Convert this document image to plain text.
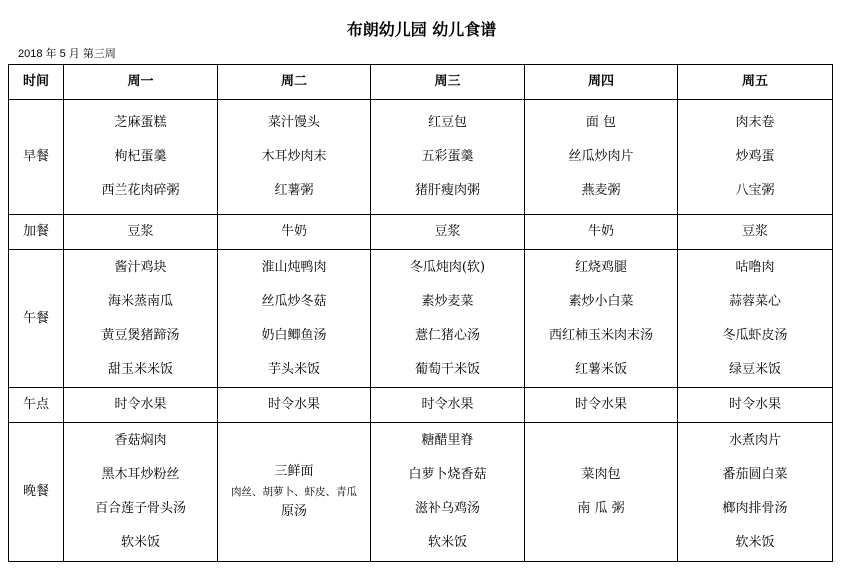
布朗幼儿园 幼儿食谱
2018 年 5 月 第三周
时间	周一	周二	周三	周四	周五
早餐	芝麻蛋糕
枸杞蛋羹
西兰花肉碎粥	菜汁馒头
木耳炒肉末
红薯粥	红豆包
五彩蛋羹
猪肝瘦肉粥	面 包
丝瓜炒肉片
燕麦粥	肉末卷
炒鸡蛋
八宝粥

加餐	豆浆	牛奶	豆浆	牛奶	豆浆
午餐	酱汁鸡块
海米蒸南瓜
黄豆煲猪蹄汤
甜玉米米饭	淮山炖鸭肉
丝瓜炒冬菇
奶白鲫鱼汤
芋头米饭	冬瓜炖肉(软)
素炒麦菜
薏仁猪心汤
葡萄干米饭	红烧鸡腿
素炒小白菜
西红柿玉米肉末汤
红薯米饭	咕噜肉
蒜蓉菜心
冬瓜虾皮汤
绿豆米饭

午点	时令水果	时令水果	时令水果	时令水果	时令水果
晚餐	香菇焖肉
黑木耳炒粉丝
百合莲子骨头汤
软米饭	三鲜面
肉丝、胡萝卜、虾皮、青瓜
原汤	糖醋里脊
白萝卜烧香菇
滋补乌鸡汤
软米饭	菜肉包
南 瓜 粥	水煮肉片
番茄圆白菜
榔肉排骨汤
软米饭
